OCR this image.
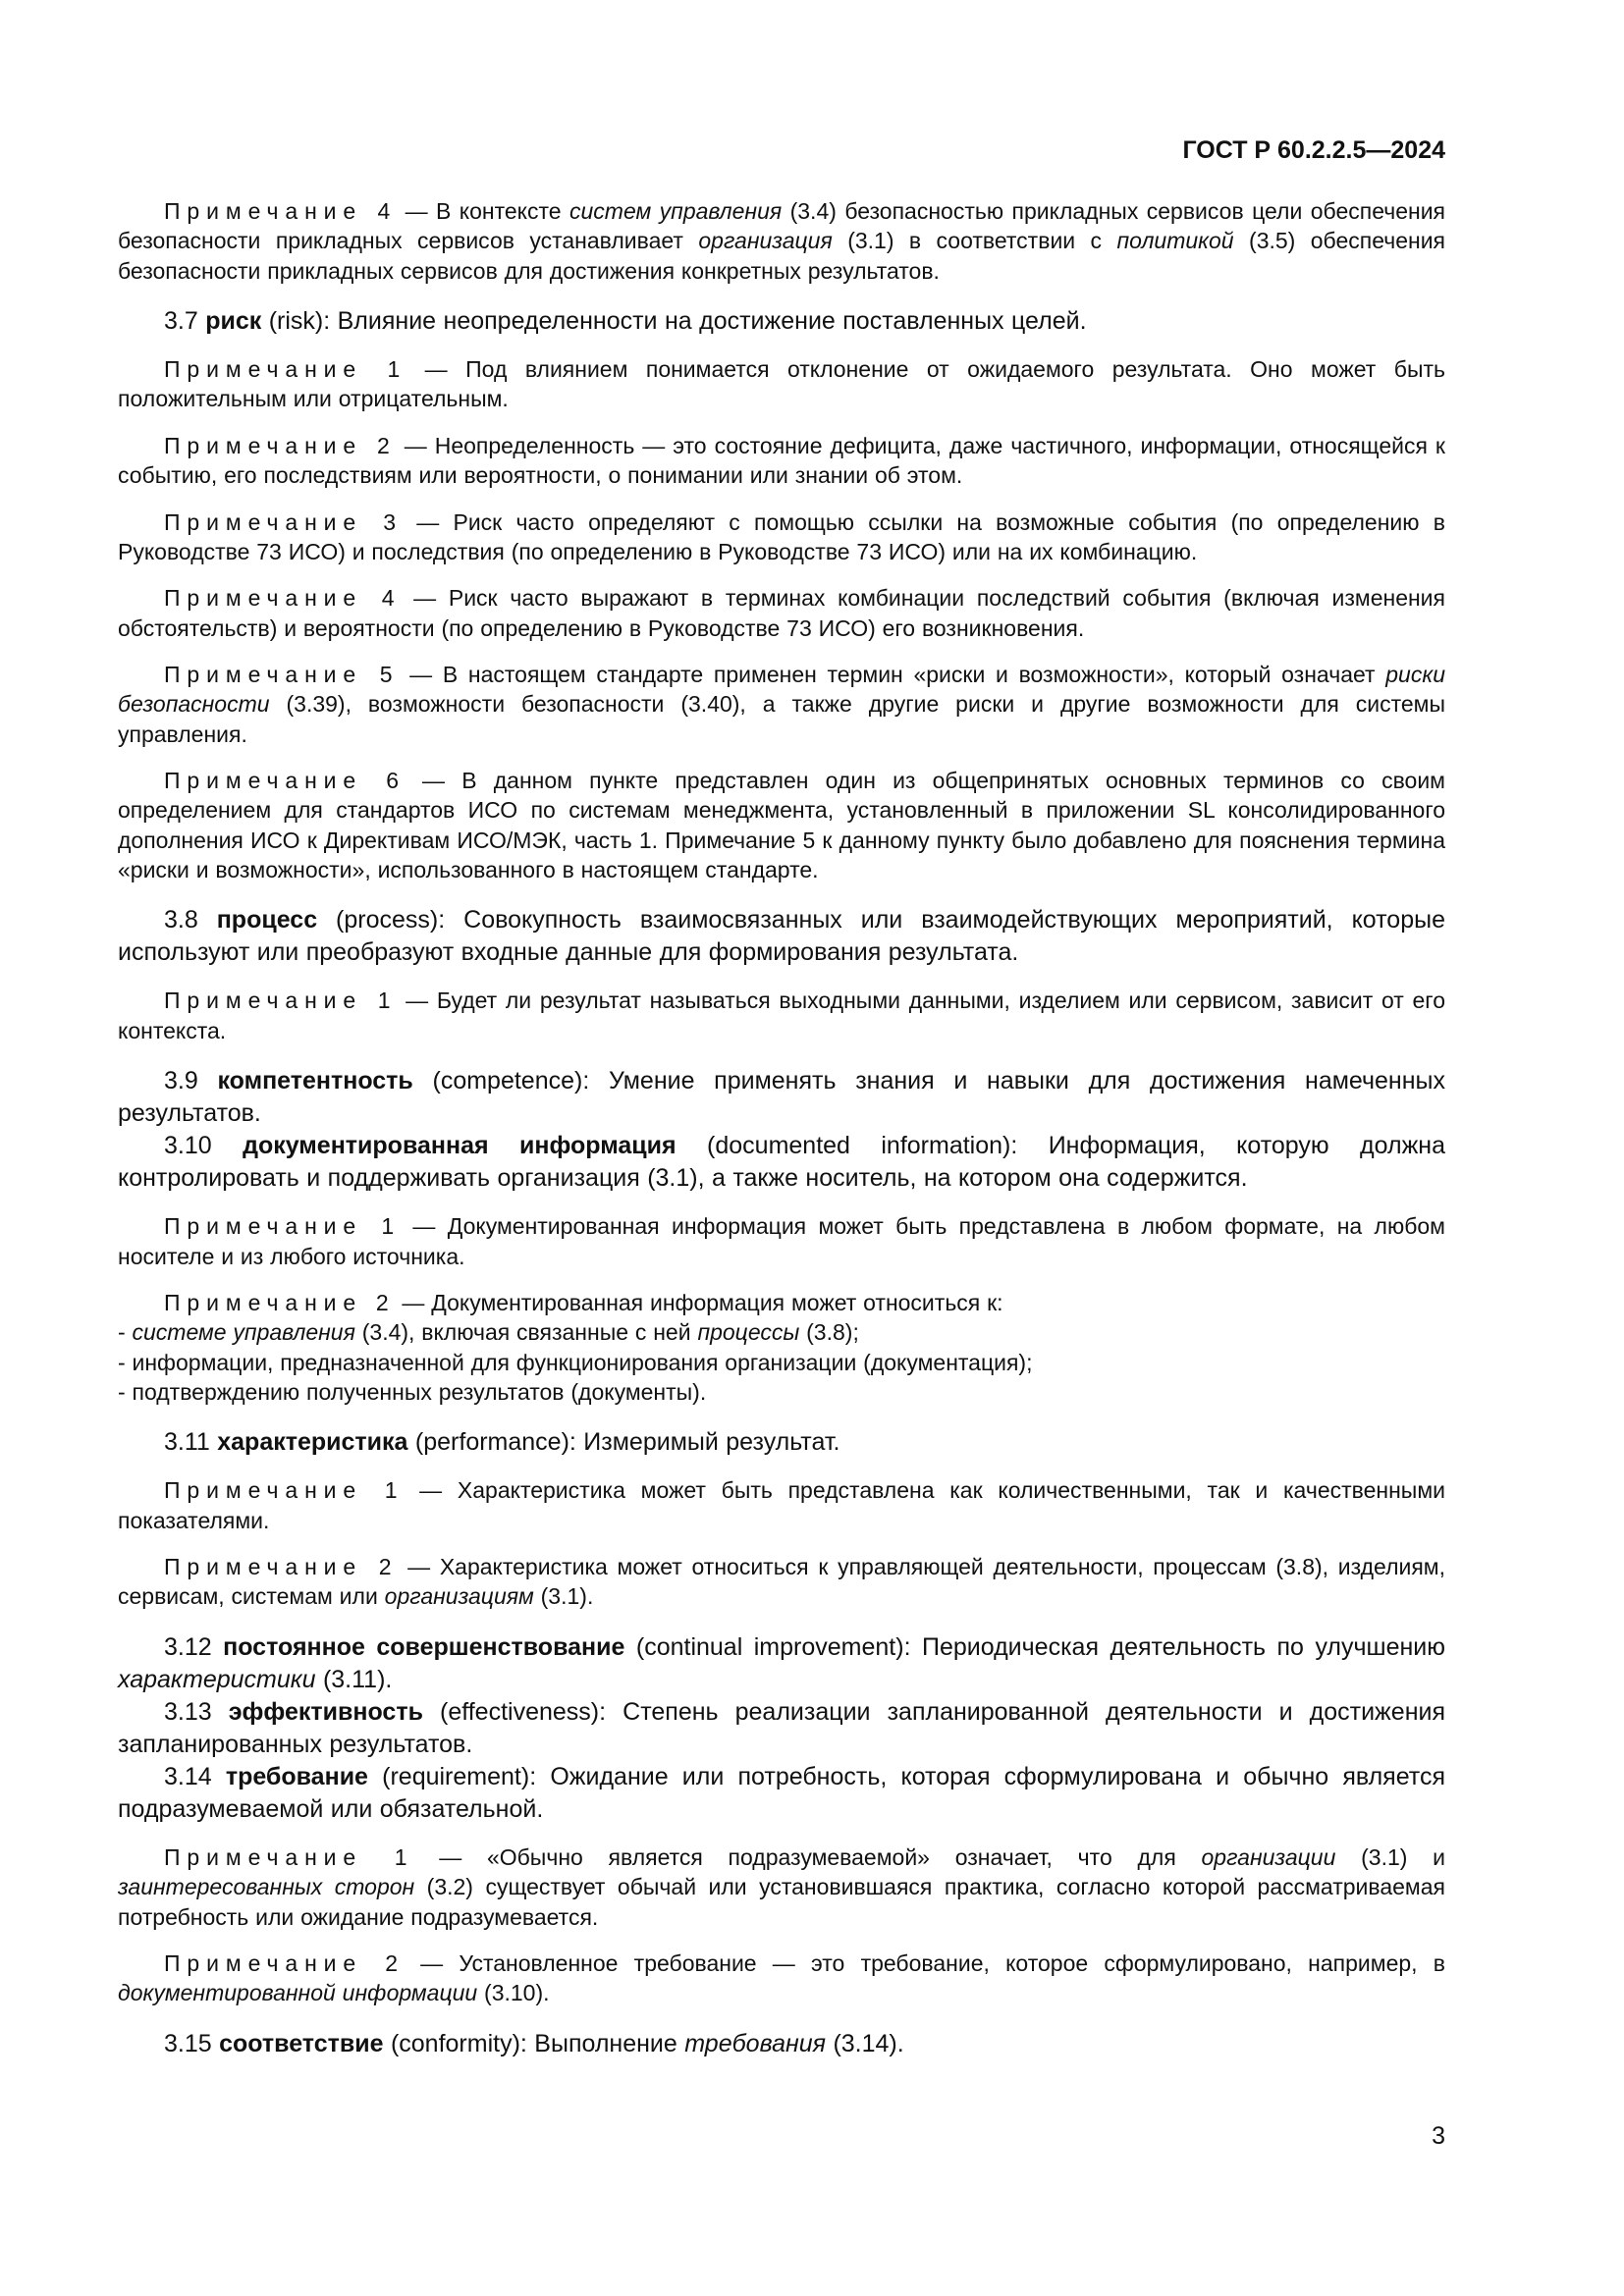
ГОСТ Р 60.2.2.5—2024

Примечание 4 — В контексте систем управления (3.4) безопасностью прикладных сервисов цели обеспечения безопасности прикладных сервисов устанавливает организация (3.1) в соответствии с политикой (3.5) обеспечения безопасности прикладных сервисов для достижения конкретных результатов.

3.7 риск (risk): Влияние неопределенности на достижение поставленных целей.

Примечание 1 — Под влиянием понимается отклонение от ожидаемого результата. Оно может быть положительным или отрицательным.

Примечание 2 — Неопределенность — это состояние дефицита, даже частичного, информации, относящейся к событию, его последствиям или вероятности, о понимании или знании об этом.

Примечание 3 — Риск часто определяют с помощью ссылки на возможные события (по определению в Руководстве 73 ИСО) и последствия (по определению в Руководстве 73 ИСО) или на их комбинацию.

Примечание 4 — Риск часто выражают в терминах комбинации последствий события (включая изменения обстоятельств) и вероятности (по определению в Руководстве 73 ИСО) его возникновения.

Примечание 5 — В настоящем стандарте применен термин «риски и возможности», который означает риски безопасности (3.39), возможности безопасности (3.40), а также другие риски и другие возможности для системы управления.

Примечание 6 — В данном пункте представлен один из общепринятых основных терминов со своим определением для стандартов ИСО по системам менеджмента, установленный в приложении SL консолидированного дополнения ИСО к Директивам ИСО/МЭК, часть 1. Примечание 5 к данному пункту было добавлено для пояснения термина «риски и возможности», использованного в настоящем стандарте.

3.8 процесс (process): Совокупность взаимосвязанных или взаимодействующих мероприятий, которые используют или преобразуют входные данные для формирования результата.

Примечание 1 — Будет ли результат называться выходными данными, изделием или сервисом, зависит от его контекста.

3.9 компетентность (competence): Умение применять знания и навыки для достижения намеченных результатов.

3.10 документированная информация (documented information): Информация, которую должна контролировать и поддерживать организация (3.1), а также носитель, на котором она содержится.

Примечание 1 — Документированная информация может быть представлена в любом формате, на любом носителе и из любого источника.

Примечание 2 — Документированная информация может относиться к:

- системе управления (3.4), включая связанные с ней процессы (3.8);

- информации, предназначенной для функционирования организации (документация);

- подтверждению полученных результатов (документы).

3.11 характеристика (performance): Измеримый результат.

Примечание 1 — Характеристика может быть представлена как количественными, так и качественными показателями.

Примечание 2 — Характеристика может относиться к управляющей деятельности, процессам (3.8), изделиям, сервисам, системам или организациям (3.1).

3.12 постоянное совершенствование (continual improvement): Периодическая деятельность по улучшению характеристики (3.11).

3.13 эффективность (effectiveness): Степень реализации запланированной деятельности и достижения запланированных результатов.

3.14 требование (requirement): Ожидание или потребность, которая сформулирована и обычно является подразумеваемой или обязательной.

Примечание 1 — «Обычно является подразумеваемой» означает, что для организации (3.1) и заинтересованных сторон (3.2) существует обычай или установившаяся практика, согласно которой рассматриваемая потребность или ожидание подразумевается.

Примечание 2 — Установленное требование — это требование, которое сформулировано, например, в документированной информации (3.10).

3.15 соответствие (conformity): Выполнение требования (3.14).

3
